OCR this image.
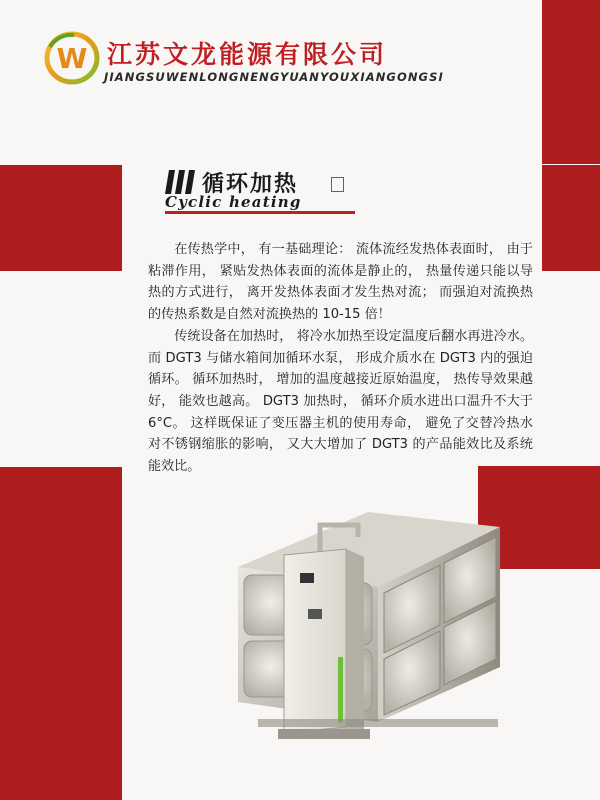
W 江苏文龙能源有限公司
JIANGSUWENLONGNENGYUANYOUXIANGONGSI
循环加热
Cyclic heating

在传热学中， 有一基础理论： 流体流经发热体表面时， 由于粘滞作用， 紧贴发热体表面的流体是静止的， 热量传递只能以导热的方式进行， 离开发热体表面才发生热对流； 而强迫对流换热的传热系数是自然对流换热的 10-15 倍！

传统设备在加热时， 将冷水加热至设定温度后翻水再进冷水。 而 DGT3 与储水箱间加循环水泵， 形成介质水在 DGT3 内的强迫循环。 循环加热时， 增加的温度越接近原始温度， 热传导效果越好， 能效也越高。 DGT3 加热时， 循环介质水进出口温升不大于 6°C。 这样既保证了变压器主机的使用寿命， 避免了交替冷热水对不锈钢缩胀的影响， 又大大增加了 DGT3 的产品能效比及系统能效比。
